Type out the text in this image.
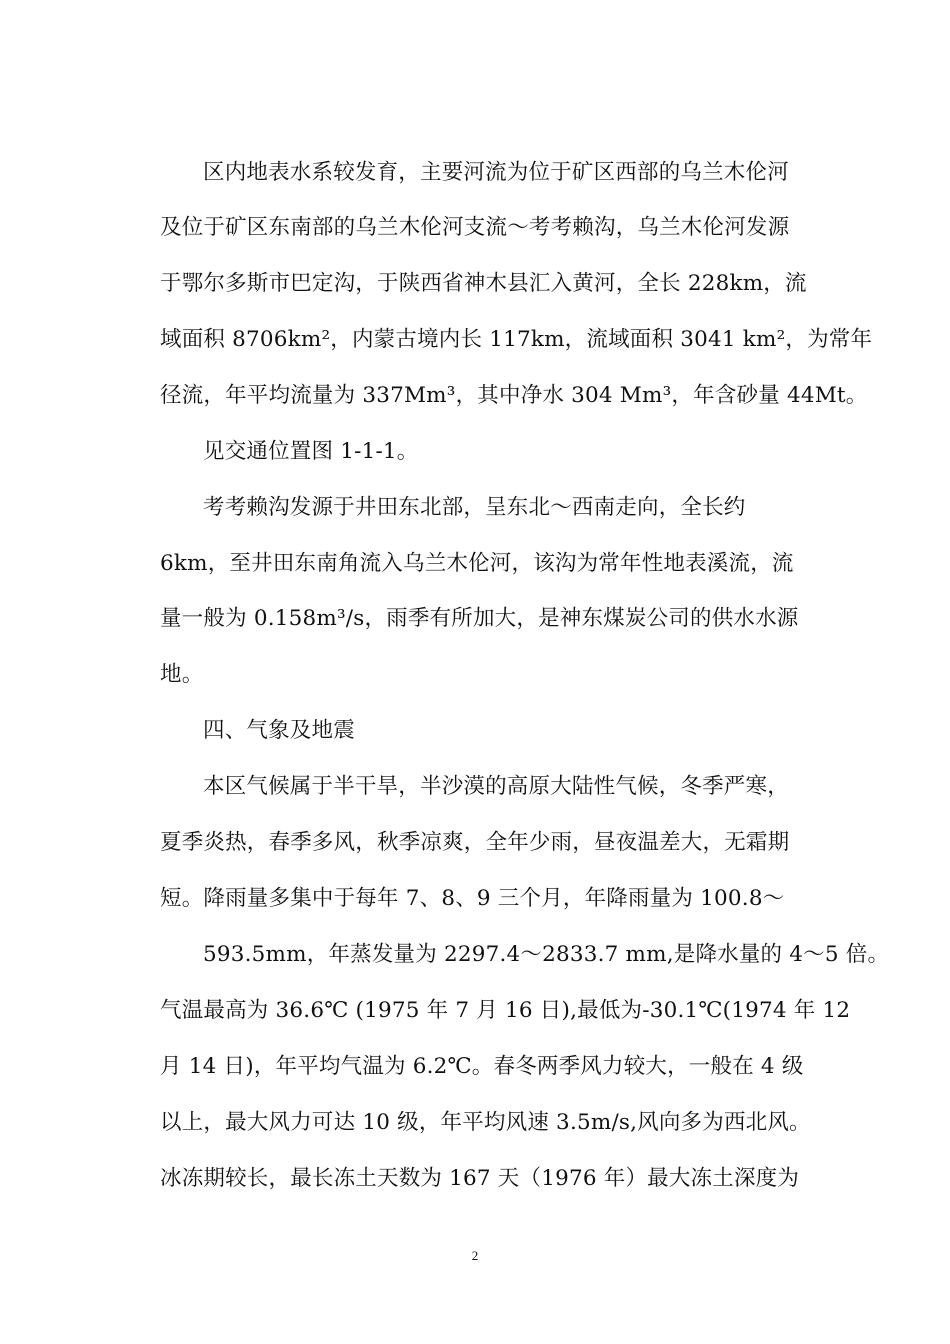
区内地表水系较发育，主要河流为位于矿区西部的乌兰木伦河
及位于矿区东南部的乌兰木伦河支流～考考赖沟，乌兰木伦河发源
于鄂尔多斯市巴定沟，于陕西省神木县汇入黄河，全长 228km，流
域面积 8706km²，内蒙古境内长 117km，流域面积 3041 km²，为常年
径流，年平均流量为 337Mm³，其中净水 304 Mm³，年含砂量 44Mt。
见交通位置图 1-1-1。
考考赖沟发源于井田东北部，呈东北～西南走向，全长约
6km，至井田东南角流入乌兰木伦河，该沟为常年性地表溪流，流
量一般为 0.158m³/s，雨季有所加大，是神东煤炭公司的供水水源
地。
四、气象及地震
本区气候属于半干旱，半沙漠的高原大陆性气候，冬季严寒，
夏季炎热，春季多风，秋季凉爽，全年少雨，昼夜温差大，无霜期
短。降雨量多集中于每年 7、8、9 三个月，年降雨量为 100.8～
593.5mm，年蒸发量为 2297.4～2833.7 mm,是降水量的 4～5 倍。
气温最高为 36.6℃ (1975 年 7 月 16 日),最低为-30.1℃(1974 年 12
月 14 日)，年平均气温为 6.2℃。春冬两季风力较大，一般在 4 级
以上，最大风力可达 10 级，年平均风速 3.5m/s,风向多为西北风。
冰冻期较长，最长冻土天数为 167 天（1976 年）最大冻土深度为
2
